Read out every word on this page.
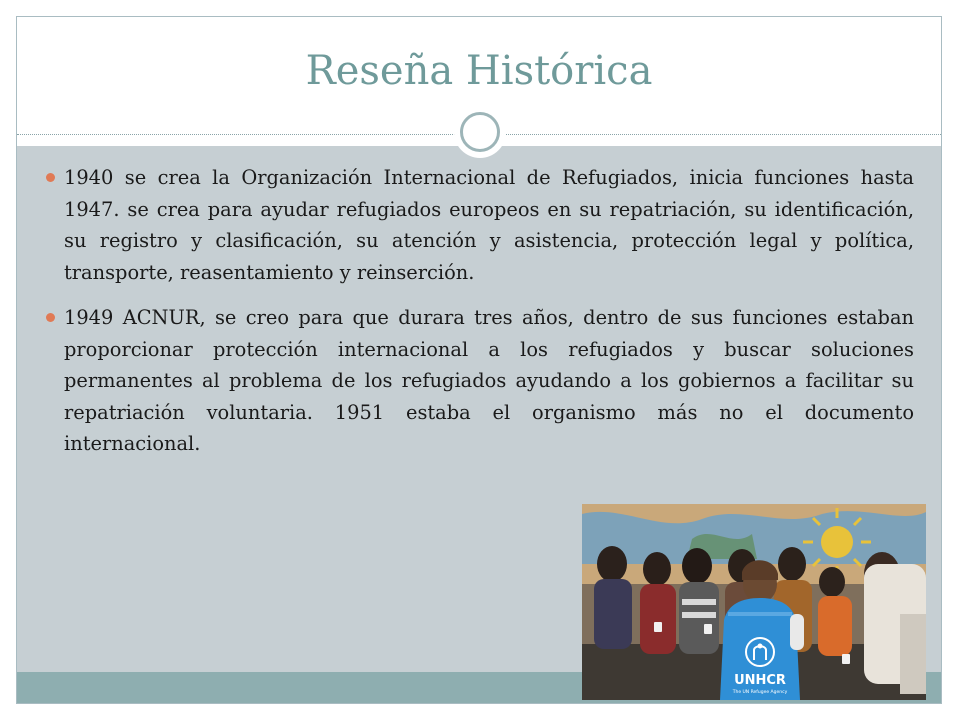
Reseña Histórica
1940 se crea la Organización Internacional de Refugiados, inicia funciones hasta 1947. se crea para ayudar refugiados europeos en su repatriación, su identificación, su registro y clasificación, su atención y asistencia, protección legal y política, transporte, reasentamiento y reinserción.
1949 ACNUR, se creo para que durara tres años, dentro de sus funciones estaban proporcionar protección internacional a los refugiados y buscar soluciones permanentes al problema de los refugiados ayudando a los gobiernos a facilitar su repatriación voluntaria. 1951 estaba el organismo más no el documento internacional.
UNHCR
The UN Refugee Agency
